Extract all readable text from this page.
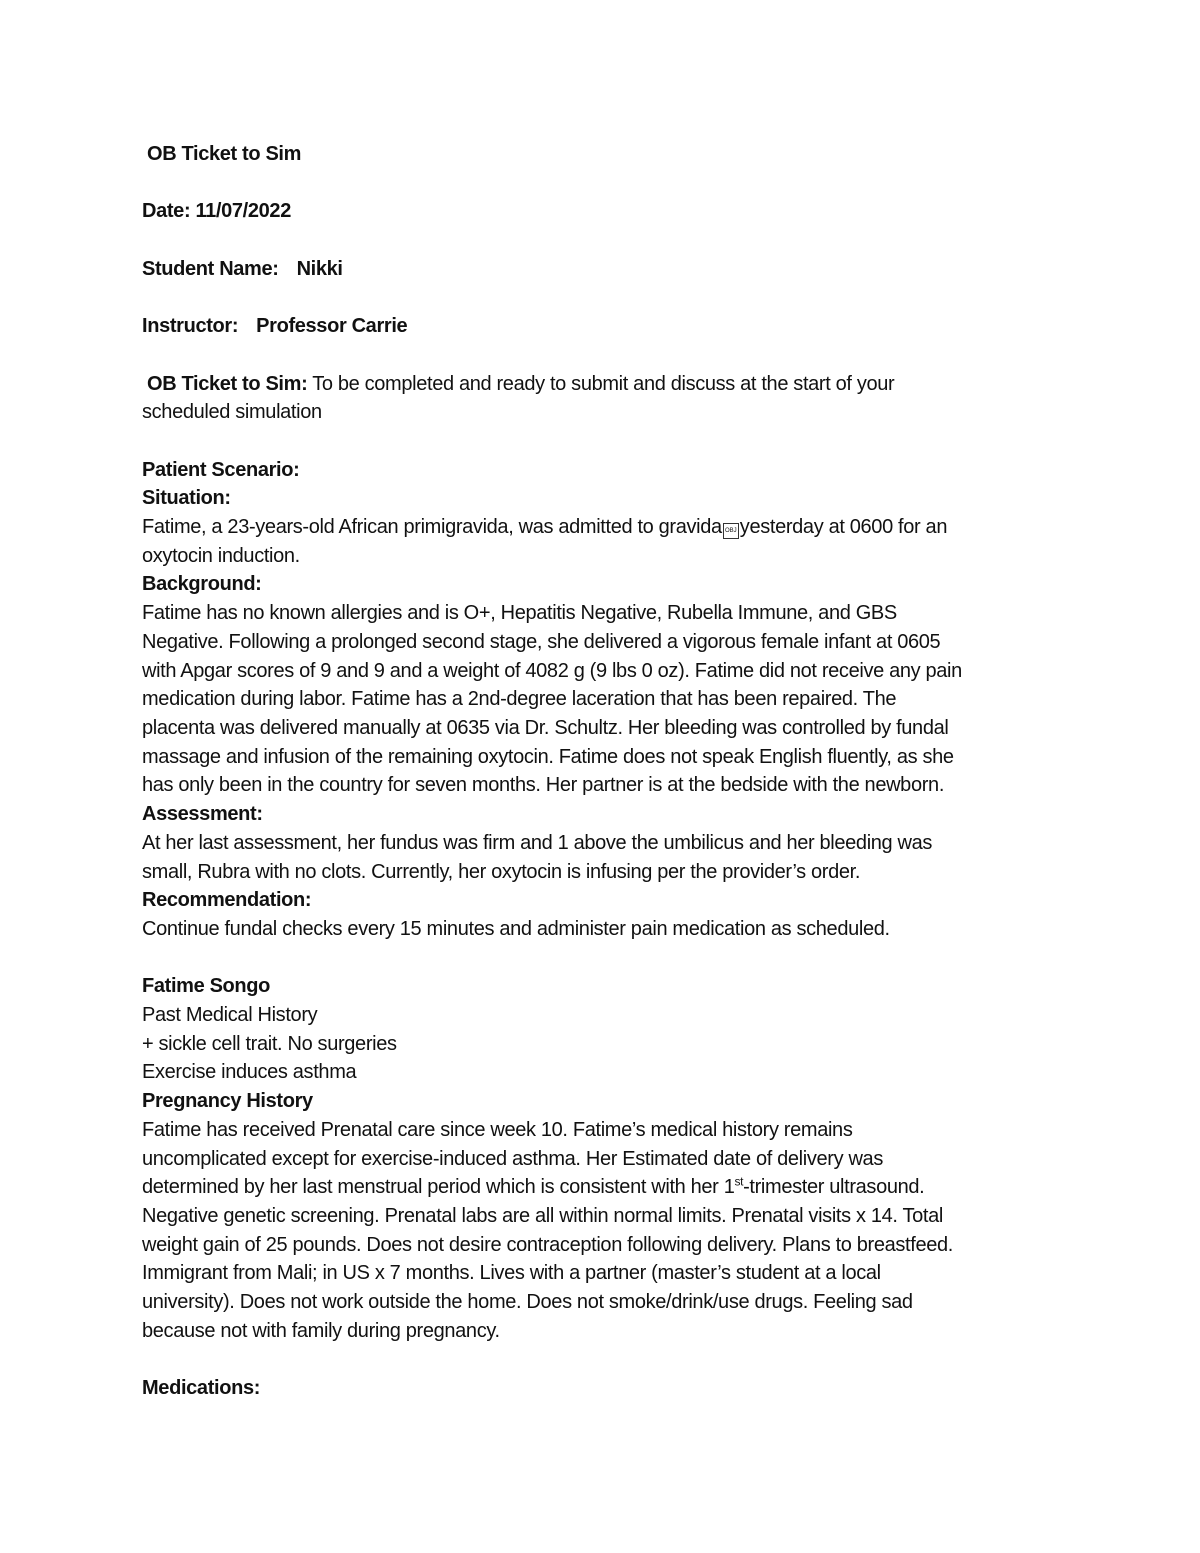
OB Ticket to Sim
Date: 11/07/2022
Student Name: Nikki
Instructor: Professor Carrie
OB Ticket to Sim: To be completed and ready to submit and discuss at the start of your
scheduled simulation
Patient Scenario:
Situation:
Fatime, a 23-years-old African primigravida, was admitted to gravida OBJ yesterday at 0600 for an
oxytocin induction.
Background:
Fatime has no known allergies and is O+, Hepatitis Negative, Rubella Immune, and GBS
Negative. Following a prolonged second stage, she delivered a vigorous female infant at 0605
with Apgar scores of 9 and 9 and a weight of 4082 g (9 lbs 0 oz). Fatime did not receive any pain
medication during labor. Fatime has a 2nd-degree laceration that has been repaired. The
placenta was delivered manually at 0635 via Dr. Schultz. Her bleeding was controlled by fundal
massage and infusion of the remaining oxytocin. Fatime does not speak English fluently, as she
has only been in the country for seven months. Her partner is at the bedside with the newborn.
Assessment:
At her last assessment, her fundus was firm and 1 above the umbilicus and her bleeding was
small, Rubra with no clots. Currently, her oxytocin is infusing per the provider’s order.
Recommendation:
Continue fundal checks every 15 minutes and administer pain medication as scheduled.
Fatime Songo
Past Medical History
+ sickle cell trait. No surgeries
Exercise induces asthma
Pregnancy History
Fatime has received Prenatal care since week 10. Fatime’s medical history remains
uncomplicated except for exercise-induced asthma. Her Estimated date of delivery was
determined by her last menstrual period which is consistent with her 1st-trimester ultrasound.
Negative genetic screening. Prenatal labs are all within normal limits. Prenatal visits x 14. Total
weight gain of 25 pounds. Does not desire contraception following delivery. Plans to breastfeed.
Immigrant from Mali; in US x 7 months. Lives with a partner (master’s student at a local
university). Does not work outside the home. Does not smoke/drink/use drugs. Feeling sad
because not with family during pregnancy.
Medications:
